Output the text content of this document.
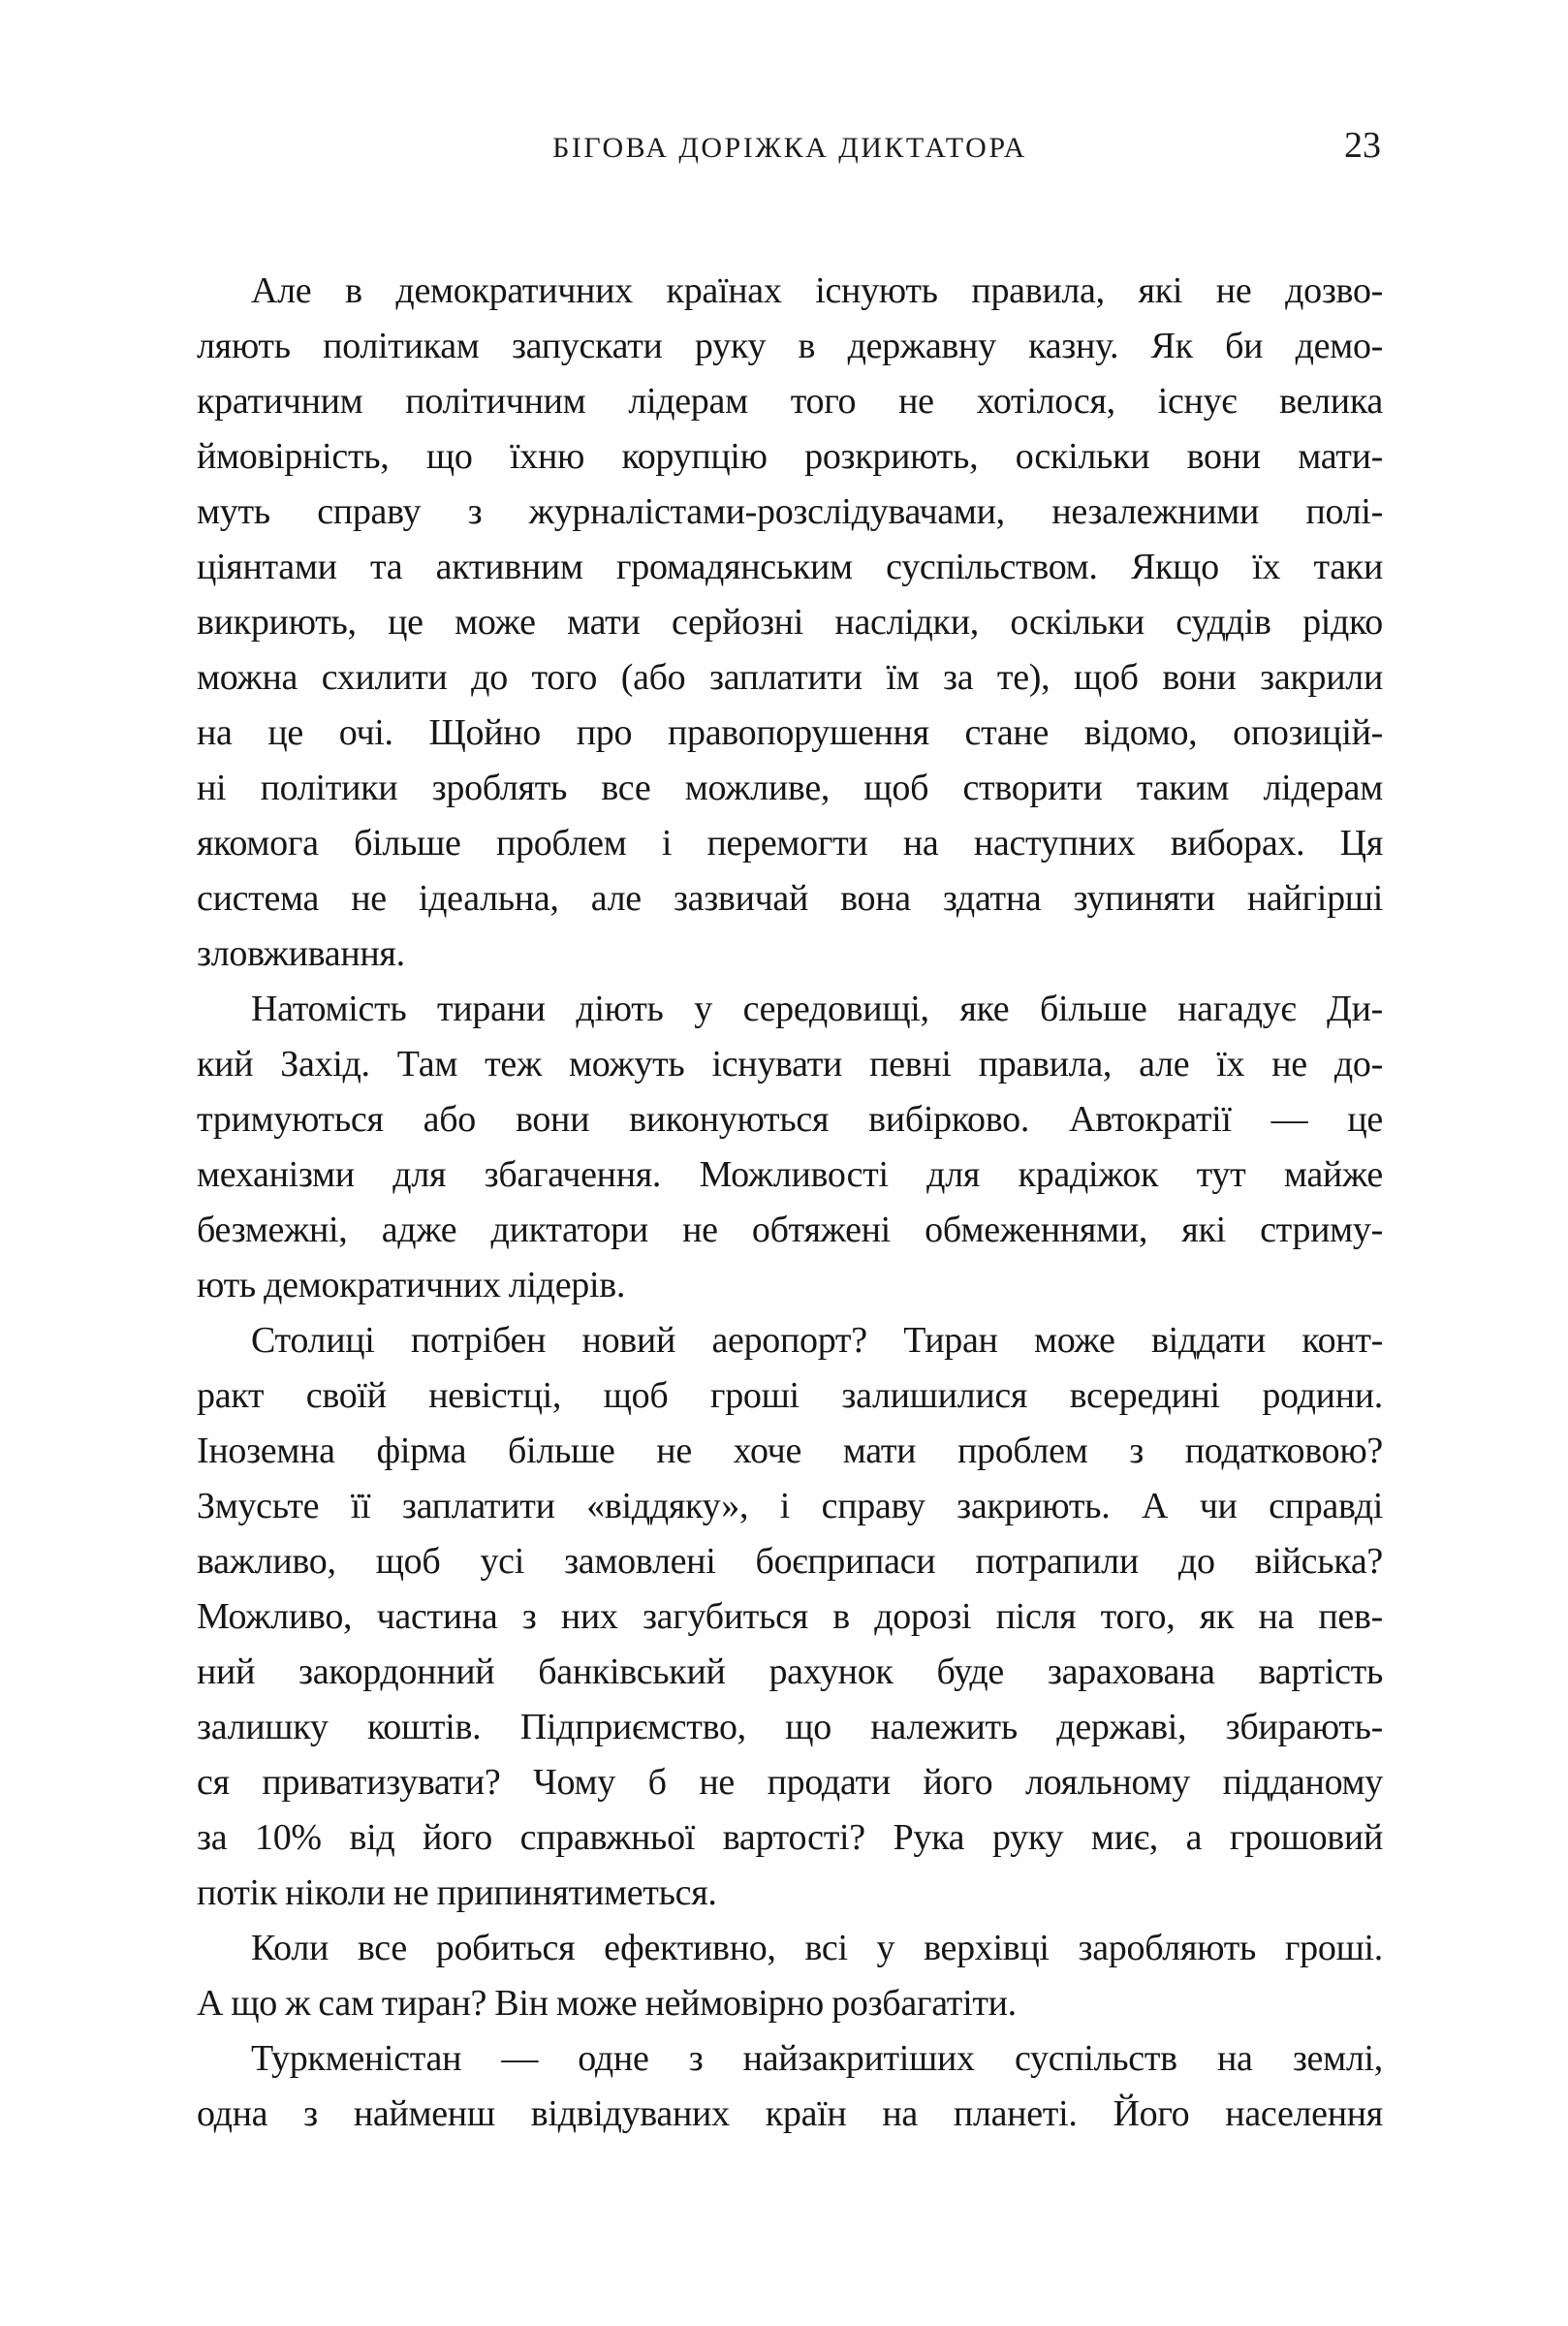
БІГОВА ДОРІЖКА ДИКТАТОРА	23
Але в демократичних країнах існують правила, які не дозво-
ляють політикам запускати руку в державну казну. Як би демо-
кратичним політичним лідерам того не хотілося, існує велика
ймовірність, що їхню корупцію розкриють, оскільки вони мати-
муть справу з журналістами-розслідувачами, незалежними полі-
ціянтами та активним громадянським суспільством. Якщо їх таки
викриють, це може мати серйозні наслідки, оскільки суддів рідко
можна схилити до того (або заплатити їм за те), щоб вони закрили
на це очі. Щойно про правопорушення стане відомо, опозицій-
ні політики зроблять все можливе, щоб створити таким лідерам
якомога більше проблем і перемогти на наступних виборах. Ця
система не ідеальна, але зазвичай вона здатна зупиняти найгірші
зловживання.
Натомість тирани діють у середовищі, яке більше нагадує Ди-
кий Захід. Там теж можуть існувати певні правила, але їх не до-
тримуються або вони виконуються вибірково. Автократії — це
механізми для збагачення. Можливості для крадіжок тут майже
безмежні, адже диктатори не обтяжені обмеженнями, які стриму-
ють демократичних лідерів.
Столиці потрібен новий аеропорт? Тиран може віддати конт-
ракт своїй невістці, щоб гроші залишилися всередині родини.
Іноземна фірма більше не хоче мати проблем з податковою?
Змусьте її заплатити «віддяку», і справу закриють. А чи справді
важливо, щоб усі замовлені боєприпаси потрапили до війська?
Можливо, частина з них загубиться в дорозі після того, як на пев-
ний закордонний банківський рахунок буде зарахована вартість
залишку коштів. Підприємство, що належить державі, збирають-
ся приватизувати? Чому б не продати його лояльному підданому
за 10% від його справжньої вартості? Рука руку миє, а грошовий
потік ніколи не припинятиметься.
Коли все робиться ефективно, всі у верхівці заробляють гроші.
А що ж сам тиран? Він може неймовірно розбагатіти.
Туркменістан — одне з найзакритіших суспільств на землі,
одна з найменш відвідуваних країн на планеті. Його населення
